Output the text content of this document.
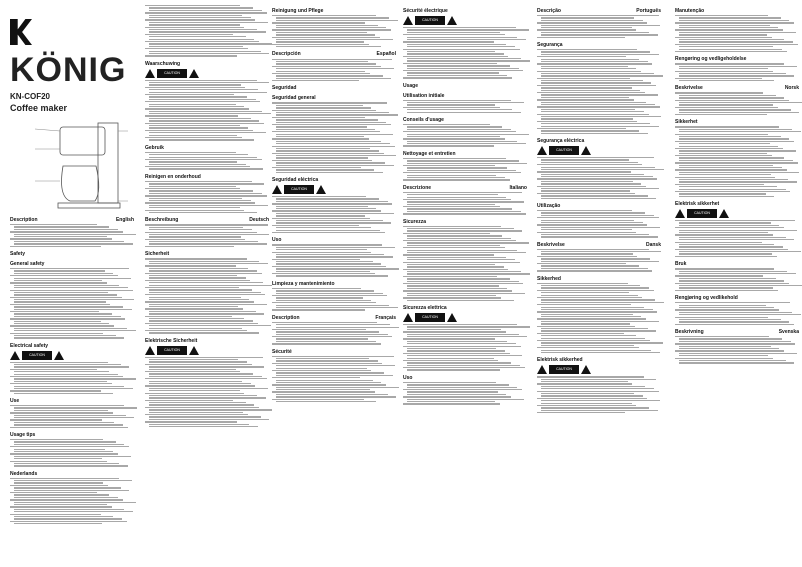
KÖNIG
KN-COF20
Coffee maker
Description	English
Safety
General safety
Electrical safety
CAUTION
Use
Usage tips
Nederlands
Waarschuwing
CAUTION
Gebruik
Reinigen en onderhoud
Beschreibung	Deutsch
Sicherheit
Elektrische Sicherheit
CAUTION
Reinigung und Pflege
Descripción	Español
Seguridad
Seguridad general
Seguridad eléctrica
CAUTION
Uso
Limpieza y mantenimiento
Description	Français
Sécurité
Sécurité électrique
CAUTION
Usage
Utilisation initiale
Conseils d'usage
Nettoyage et entretien
Descrizione	Italiano
Sicurezza
Sicurezza elettrica
CAUTION
Uso
Descrição	Português
Segurança
Segurança eléctrica
CAUTION
Utilização
Beskrivelse	Dansk
Sikkerhed
Elektrisk sikkerhed
CAUTION
Manutenção
Rengøring og vedligeholdelse
Beskrivelse	Norsk
Sikkerhet
Elektrisk sikkerhet
CAUTION
Bruk
Rengjøring og vedlikehold
Beskrivning	Svenska
